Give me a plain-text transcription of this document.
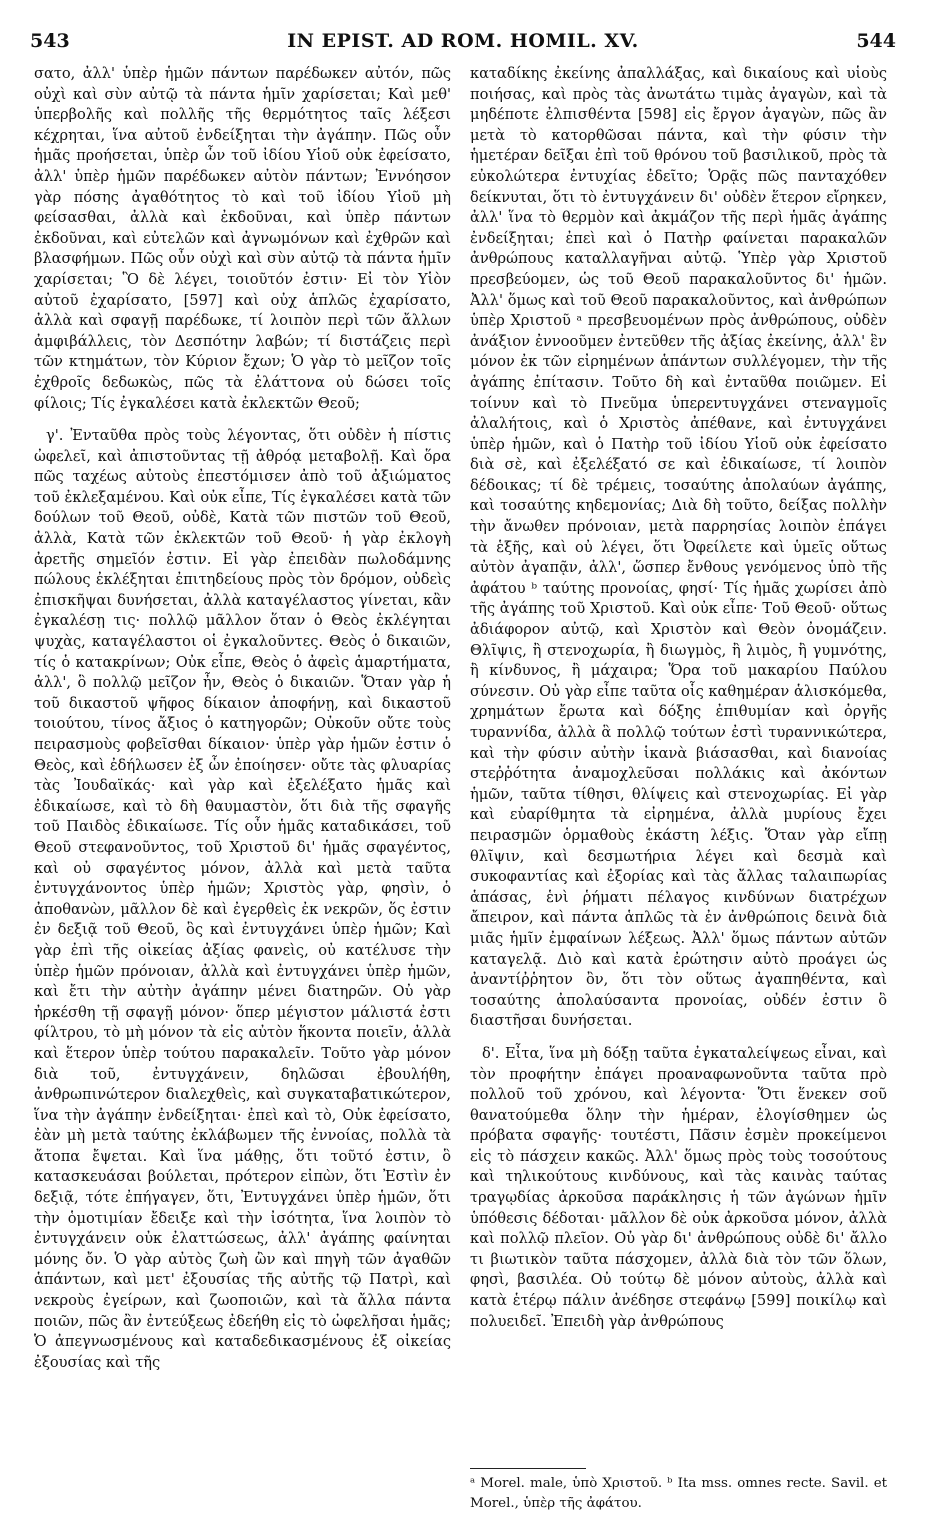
543	IN EPIST. AD ROM. HOMIL. XV.	544

σατο, ἀλλ' ὑπὲρ ἡμῶν πάντων παρέδωκεν αὐτόν, πῶς οὐχὶ καὶ σὺν αὐτῷ τὰ πάντα ἡμῖν χαρίσεται; Καὶ μεθ' ὑπερβολῆς καὶ πολλῆς τῆς θερμότητος ταῖς λέξεσι κέχρηται, ἵνα αὐτοῦ ἐνδείξηται τὴν ἀγάπην. Πῶς οὖν ἡμᾶς προήσεται, ὑπὲρ ὧν τοῦ ἰδίου Υἱοῦ οὐκ ἐφείσατο, ἀλλ' ὑπὲρ ἡμῶν παρέδωκεν αὐτὸν πάντων; Ἐννόησον γὰρ πόσης ἀγαθότητος τὸ καὶ τοῦ ἰδίου Υἱοῦ μὴ φείσασθαι, ἀλλὰ καὶ ἐκδοῦναι, καὶ ὑπὲρ πάντων ἐκδοῦναι, καὶ εὐτελῶν καὶ ἀγνωμόνων καὶ ἐχθρῶν καὶ βλασφήμων. Πῶς οὖν οὐχὶ καὶ σὺν αὐτῷ τὰ πάντα ἡμῖν χαρίσεται; Ὃ δὲ λέγει, τοιοῦτόν ἐστιν· Εἰ τὸν Υἱὸν αὐτοῦ ἐχαρίσατο, [597] καὶ οὐχ ἁπλῶς ἐχαρίσατο, ἀλλὰ καὶ σφαγῇ παρέδωκε, τί λοιπὸν περὶ τῶν ἄλλων ἀμφιβάλλεις, τὸν Δεσπότην λαβών; τί διστάζεις περὶ τῶν κτημάτων, τὸν Κύριον ἔχων; Ὁ γὰρ τὸ μεῖζον τοῖς ἐχθροῖς δεδωκὼς, πῶς τὰ ἐλάττονα οὐ δώσει τοῖς φίλοις; Τίς ἐγκαλέσει κατὰ ἐκλεκτῶν Θεοῦ;

γ'. Ἐνταῦθα πρὸς τοὺς λέγοντας, ὅτι οὐδὲν ἡ πίστις ὠφελεῖ, καὶ ἀπιστοῦντας τῇ ἀθρόᾳ μεταβολῇ. Καὶ ὅρα πῶς ταχέως αὐτοὺς ἐπεστόμισεν ἀπὸ τοῦ ἀξιώματος τοῦ ἐκλεξαμένου. Καὶ οὐκ εἶπε, Τίς ἐγκαλέσει κατὰ τῶν δούλων τοῦ Θεοῦ, οὐδὲ, Κατὰ τῶν πιστῶν τοῦ Θεοῦ, ἀλλὰ, Κατὰ τῶν ἐκλεκτῶν τοῦ Θεοῦ· ἡ γὰρ ἐκλογὴ ἀρετῆς σημεῖόν ἐστιν. Εἰ γὰρ ἐπειδὰν πωλοδάμνης πώλους ἐκλέξηται ἐπιτηδείους πρὸς τὸν δρόμον, οὐδεὶς ἐπισκῆψαι δυνήσεται, ἀλλὰ καταγέλαστος γίνεται, κἂν ἐγκαλέσῃ τις· πολλῷ μᾶλλον ὅταν ὁ Θεὸς ἐκλέγηται ψυχὰς, καταγέλαστοι οἱ ἐγκαλοῦντες. Θεὸς ὁ δικαιῶν, τίς ὁ κατακρίνων; Οὐκ εἶπε, Θεὸς ὁ ἀφεὶς ἁμαρτήματα, ἀλλ', ὃ πολλῷ μεῖζον ἦν, Θεὸς ὁ δικαιῶν. Ὅταν γὰρ ἡ τοῦ δικαστοῦ ψῆφος δίκαιον ἀποφήνῃ, καὶ δικαστοῦ τοιούτου, τίνος ἄξιος ὁ κατηγορῶν; Οὐκοῦν οὔτε τοὺς πειρασμοὺς φοβεῖσθαι δίκαιον· ὑπὲρ γὰρ ἡμῶν ἐστιν ὁ Θεὸς, καὶ ἐδήλωσεν ἐξ ὧν ἐποίησεν· οὔτε τὰς φλυαρίας τὰς Ἰουδαϊκάς· καὶ γὰρ καὶ ἐξελέξατο ἡμᾶς καὶ ἐδικαίωσε, καὶ τὸ δὴ θαυμαστὸν, ὅτι διὰ τῆς σφαγῆς τοῦ Παιδὸς ἐδικαίωσε. Τίς οὖν ἡμᾶς καταδικάσει, τοῦ Θεοῦ στεφανοῦντος, τοῦ Χριστοῦ δι' ἡμᾶς σφαγέντος, καὶ οὐ σφαγέντος μόνον, ἀλλὰ καὶ μετὰ ταῦτα ἐντυγχάνοντος ὑπὲρ ἡμῶν; Χριστὸς γὰρ, φησὶν, ὁ ἀποθανὼν, μᾶλλον δὲ καὶ ἐγερθεὶς ἐκ νεκρῶν, ὅς ἐστιν ἐν δεξιᾷ τοῦ Θεοῦ, ὃς καὶ ἐντυγχάνει ὑπὲρ ἡμῶν; Καὶ γὰρ ἐπὶ τῆς οἰκείας ἀξίας φανεὶς, οὐ κατέλυσε τὴν ὑπὲρ ἡμῶν πρόνοιαν, ἀλλὰ καὶ ἐντυγχάνει ὑπὲρ ἡμῶν, καὶ ἔτι τὴν αὐτὴν ἀγάπην μένει διατηρῶν. Οὐ γὰρ ἠρκέσθη τῇ σφαγῇ μόνον· ὅπερ μέγιστον μάλιστά ἐστι φίλτρου, τὸ μὴ μόνον τὰ εἰς αὐτὸν ἥκοντα ποιεῖν, ἀλλὰ καὶ ἕτερον ὑπὲρ τούτου παρακαλεῖν. Τοῦτο γὰρ μόνον διὰ τοῦ, ἐντυγχάνειν, δηλῶσαι ἐβουλήθη, ἀνθρωπινώτερον διαλεχθεὶς, καὶ συγκαταβατικώτερον, ἵνα τὴν ἀγάπην ἐνδείξηται· ἐπεὶ καὶ τὸ, Οὐκ ἐφείσατο, ἐὰν μὴ μετὰ ταύτης ἐκλάβωμεν τῆς ἐννοίας, πολλὰ τὰ ἄτοπα ἔψεται. Καὶ ἵνα μάθῃς, ὅτι τοῦτό ἐστιν, ὃ κατασκευάσαι βούλεται, πρότερον εἰπὼν, ὅτι Ἐστὶν ἐν δεξιᾷ, τότε ἐπήγαγεν, ὅτι, Ἐντυγχάνει ὑπὲρ ἡμῶν, ὅτι τὴν ὁμοτιμίαν ἔδειξε καὶ τὴν ἰσότητα, ἵνα λοιπὸν τὸ ἐντυγχάνειν οὐκ ἐλαττώσεως, ἀλλ' ἀγάπης φαίνηται μόνης ὄν. Ὁ γὰρ αὐτὸς ζωὴ ὢν καὶ πηγὴ τῶν ἀγαθῶν ἁπάντων, καὶ μετ' ἐξουσίας τῆς αὐτῆς τῷ Πατρὶ, καὶ νεκροὺς ἐγείρων, καὶ ζωοποιῶν, καὶ τὰ ἄλλα πάντα ποιῶν, πῶς ἂν ἐντεύξεως ἐδεήθη εἰς τὸ ὠφελῆσαι ἡμᾶς; Ὁ ἀπεγνωσμένους καὶ καταδεδικασμένους ἐξ οἰκείας ἐξουσίας καὶ τῆς

καταδίκης ἐκείνης ἀπαλλάξας, καὶ δικαίους καὶ υἱοὺς ποιήσας, καὶ πρὸς τὰς ἀνωτάτω τιμὰς ἀγαγὼν, καὶ τὰ μηδέποτε ἐλπισθέντα [598] εἰς ἔργον ἀγαγὼν, πῶς ἂν μετὰ τὸ κατορθῶσαι πάντα, καὶ τὴν φύσιν τὴν ἡμετέραν δεῖξαι ἐπὶ τοῦ θρόνου τοῦ βασιλικοῦ, πρὸς τὰ εὐκολώτερα ἐντυχίας ἐδεῖτο; Ὁρᾷς πῶς πανταχόθεν δείκνυται, ὅτι τὸ ἐντυγχάνειν δι' οὐδὲν ἕτερον εἴρηκεν, ἀλλ' ἵνα τὸ θερμὸν καὶ ἀκμάζον τῆς περὶ ἡμᾶς ἀγάπης ἐνδείξηται; ἐπεὶ καὶ ὁ Πατὴρ φαίνεται παρακαλῶν ἀνθρώπους καταλλαγῆναι αὐτῷ. Ὑπὲρ γὰρ Χριστοῦ πρεσβεύομεν, ὡς τοῦ Θεοῦ παρακαλοῦντος δι' ἡμῶν. Ἀλλ' ὅμως καὶ τοῦ Θεοῦ παρακαλοῦντος, καὶ ἀνθρώπων ὑπὲρ Χριστοῦ ᵃ πρεσβευομένων πρὸς ἀνθρώπους, οὐδὲν ἀνάξιον ἐννοοῦμεν ἐντεῦθεν τῆς ἀξίας ἐκείνης, ἀλλ' ἓν μόνον ἐκ τῶν εἰρημένων ἁπάντων συλλέγομεν, τὴν τῆς ἀγάπης ἐπίτασιν. Τοῦτο δὴ καὶ ἐνταῦθα ποιῶμεν. Εἰ τοίνυν καὶ τὸ Πνεῦμα ὑπερεντυγχάνει στεναγμοῖς ἀλαλήτοις, καὶ ὁ Χριστὸς ἀπέθανε, καὶ ἐντυγχάνει ὑπὲρ ἡμῶν, καὶ ὁ Πατὴρ τοῦ ἰδίου Υἱοῦ οὐκ ἐφείσατο διὰ σὲ, καὶ ἐξελέξατό σε καὶ ἐδικαίωσε, τί λοιπὸν δέδοικας; τί δὲ τρέμεις, τοσαύτης ἀπολαύων ἀγάπης, καὶ τοσαύτης κηδεμονίας; Διὰ δὴ τοῦτο, δείξας πολλὴν τὴν ἄνωθεν πρόνοιαν, μετὰ παρρησίας λοιπὸν ἐπάγει τὰ ἑξῆς, καὶ οὐ λέγει, ὅτι Ὀφείλετε καὶ ὑμεῖς οὕτως αὐτὸν ἀγαπᾷν, ἀλλ', ὥσπερ ἔνθους γενόμενος ὑπὸ τῆς ἀφάτου ᵇ ταύτης προνοίας, φησί· Τίς ἡμᾶς χωρίσει ἀπὸ τῆς ἀγάπης τοῦ Χριστοῦ. Καὶ οὐκ εἶπε· Τοῦ Θεοῦ· οὕτως ἀδιάφορον αὐτῷ, καὶ Χριστὸν καὶ Θεὸν ὀνομάζειν. Θλῖψις, ἢ στενοχωρία, ἢ διωγμὸς, ἢ λιμὸς, ἢ γυμνότης, ἢ κίνδυνος, ἢ μάχαιρα; Ὅρα τοῦ μακαρίου Παύλου σύνεσιν. Οὐ γὰρ εἶπε ταῦτα οἷς καθημέραν ἁλισκόμεθα, χρημάτων ἔρωτα καὶ δόξης ἐπιθυμίαν καὶ ὀργῆς τυραννίδα, ἀλλὰ ἃ πολλῷ τούτων ἐστὶ τυραννικώτερα, καὶ τὴν φύσιν αὐτὴν ἱκανὰ βιάσασθαι, καὶ διανοίας στεῤῥότητα ἀναμοχλεῦσαι πολλάκις καὶ ἀκόντων ἡμῶν, ταῦτα τίθησι, θλίψεις καὶ στενοχωρίας. Εἰ γὰρ καὶ εὐαρίθμητα τὰ εἰρημένα, ἀλλὰ μυρίους ἔχει πειρασμῶν ὁρμαθοὺς ἑκάστη λέξις. Ὅταν γὰρ εἴπῃ θλῖψιν, καὶ δεσμωτήρια λέγει καὶ δεσμὰ καὶ συκοφαντίας καὶ ἐξορίας καὶ τὰς ἄλλας ταλαιπωρίας ἁπάσας, ἑνὶ ῥήματι πέλαγος κινδύνων διατρέχων ἄπειρον, καὶ πάντα ἁπλῶς τὰ ἐν ἀνθρώποις δεινὰ διὰ μιᾶς ἡμῖν ἐμφαίνων λέξεως. Ἀλλ' ὅμως πάντων αὐτῶν καταγελᾷ. Διὸ καὶ κατὰ ἐρώτησιν αὐτὸ προάγει ὡς ἀναντίῤῥητον ὂν, ὅτι τὸν οὕτως ἀγαπηθέντα, καὶ τοσαύτης ἀπολαύσαντα προνοίας, οὐδέν ἐστιν ὃ διαστῆσαι δυνήσεται.

δ'. Εἶτα, ἵνα μὴ δόξῃ ταῦτα ἐγκαταλείψεως εἶναι, καὶ τὸν προφήτην ἐπάγει προαναφωνοῦντα ταῦτα πρὸ πολλοῦ τοῦ χρόνου, καὶ λέγοντα· Ὅτι ἕνεκεν σοῦ θανατούμεθα ὅλην τὴν ἡμέραν, ἐλογίσθημεν ὡς πρόβατα σφαγῆς· τουτέστι, Πᾶσιν ἐσμὲν προκείμενοι εἰς τὸ πάσχειν κακῶς. Ἀλλ' ὅμως πρὸς τοὺς τοσούτους καὶ τηλικούτους κινδύνους, καὶ τὰς καινὰς ταύτας τραγῳδίας ἀρκοῦσα παράκλησις ἡ τῶν ἀγώνων ἡμῖν ὑπόθεσις δέδοται· μᾶλλον δὲ οὐκ ἀρκοῦσα μόνον, ἀλλὰ καὶ πολλῷ πλεῖον. Οὐ γὰρ δι' ἀνθρώπους οὐδὲ δι' ἄλλο τι βιωτικὸν ταῦτα πάσχομεν, ἀλλὰ διὰ τὸν τῶν ὅλων, φησὶ, βασιλέα. Οὐ τούτῳ δὲ μόνον αὐτοὺς, ἀλλὰ καὶ κατὰ ἑτέρῳ πάλιν ἀνέδησε στεφάνῳ [599] ποικίλῳ καὶ πολυειδεῖ. Ἐπειδὴ γὰρ ἀνθρώπους

ᵃ Morel. male, ὑπὸ Χριστοῦ. ᵇ Ita mss. omnes recte. Savil. et Morel., ὑπὲρ τῆς ἀφάτου.
